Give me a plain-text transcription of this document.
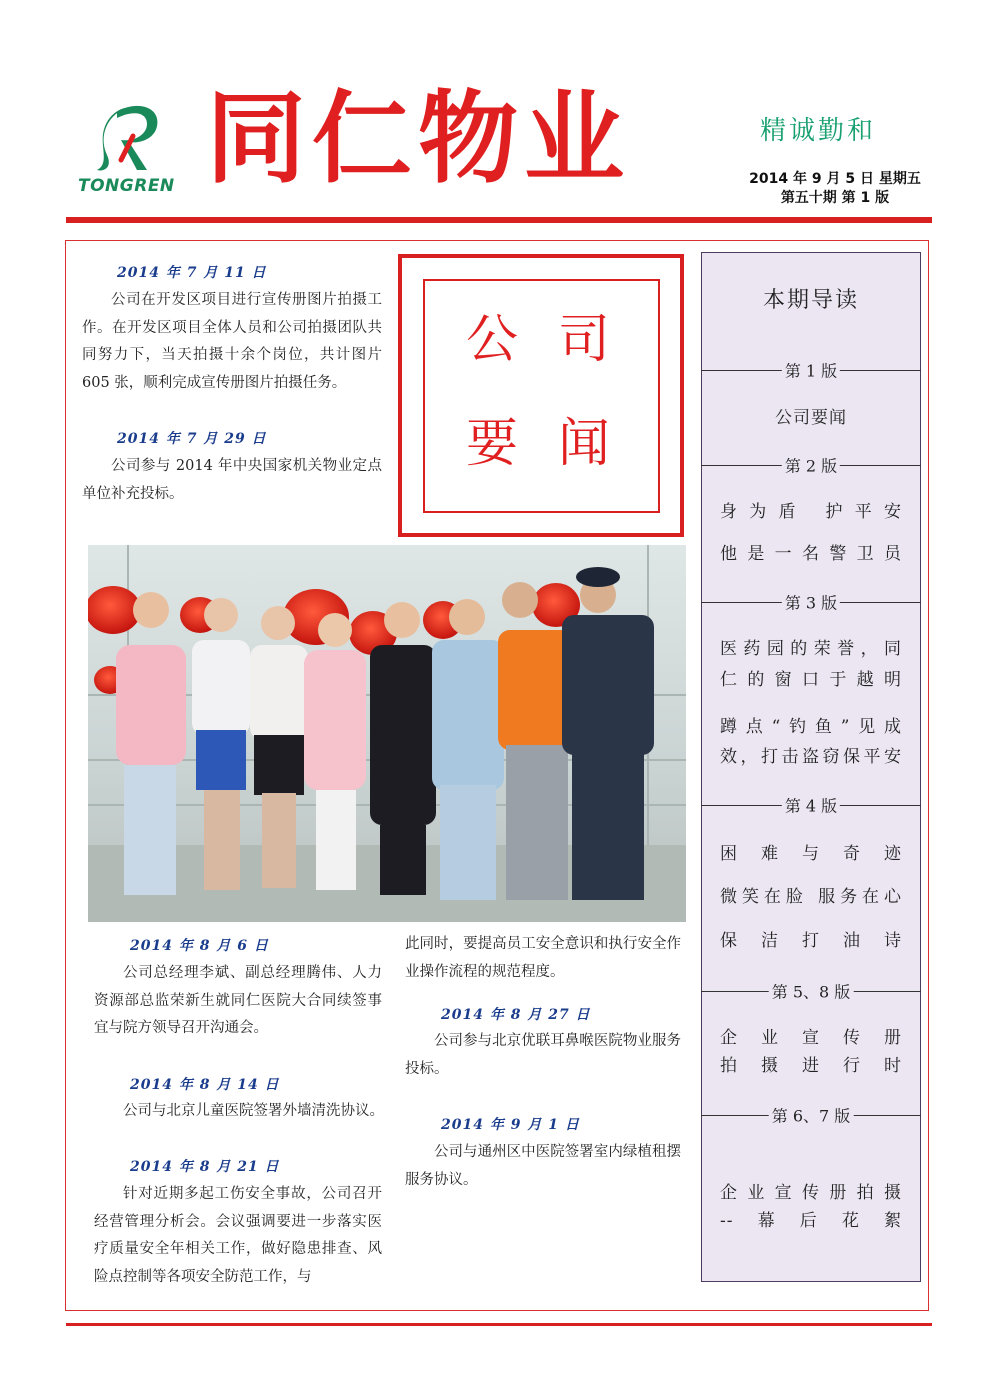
TONGREN 同仁物业	精诚勤和
2014 年 9 月 5 日 星期五
第五十期 第 1 版
2014 年 7 月 11 日
公司在开发区项目进行宣传册图片拍摄工作。在开发区项目全体人员和公司拍摄团队共同努力下，当天拍摄十余个岗位，共计图片 605 张，顺利完成宣传册图片拍摄任务。
2014 年 7 月 29 日
公司参与 2014 年中央国家机关物业定点单位补充投标。
公 司
要 闻
2014 年 8 月 6 日
公司总经理李斌、副总经理腾伟、人力资源部总监荣新生就同仁医院大合同续签事宜与院方领导召开沟通会。
2014 年 8 月 14 日
公司与北京儿童医院签署外墙清洗协议。
2014 年 8 月 21 日
针对近期多起工伤安全事故，公司召开经营管理分析会。会议强调要进一步落实医疗质量安全年相关工作，做好隐患排查、风险点控制等各项安全防范工作，与
此同时，要提高员工安全意识和执行安全作业操作流程的规范程度。
2014 年 8 月 27 日
公司参与北京优联耳鼻喉医院物业服务投标。
2014 年 9 月 1 日
公司与通州区中医院签署室内绿植租摆服务协议。
本期导读
第 1 版
公司要闻
第 2 版
身为盾 护平安
他是一名警卫员
第 3 版
医药园的荣誉，同
仁的窗口于越明
蹲点“钓鱼”见成
效，打击盗窃保平安
第 4 版
困难与奇迹
微笑在脸 服务在心
保洁打油诗
第 5、8 版
企业宣传册
拍摄进行时
第 6、7 版
企业宣传册拍摄
--幕后花絮
